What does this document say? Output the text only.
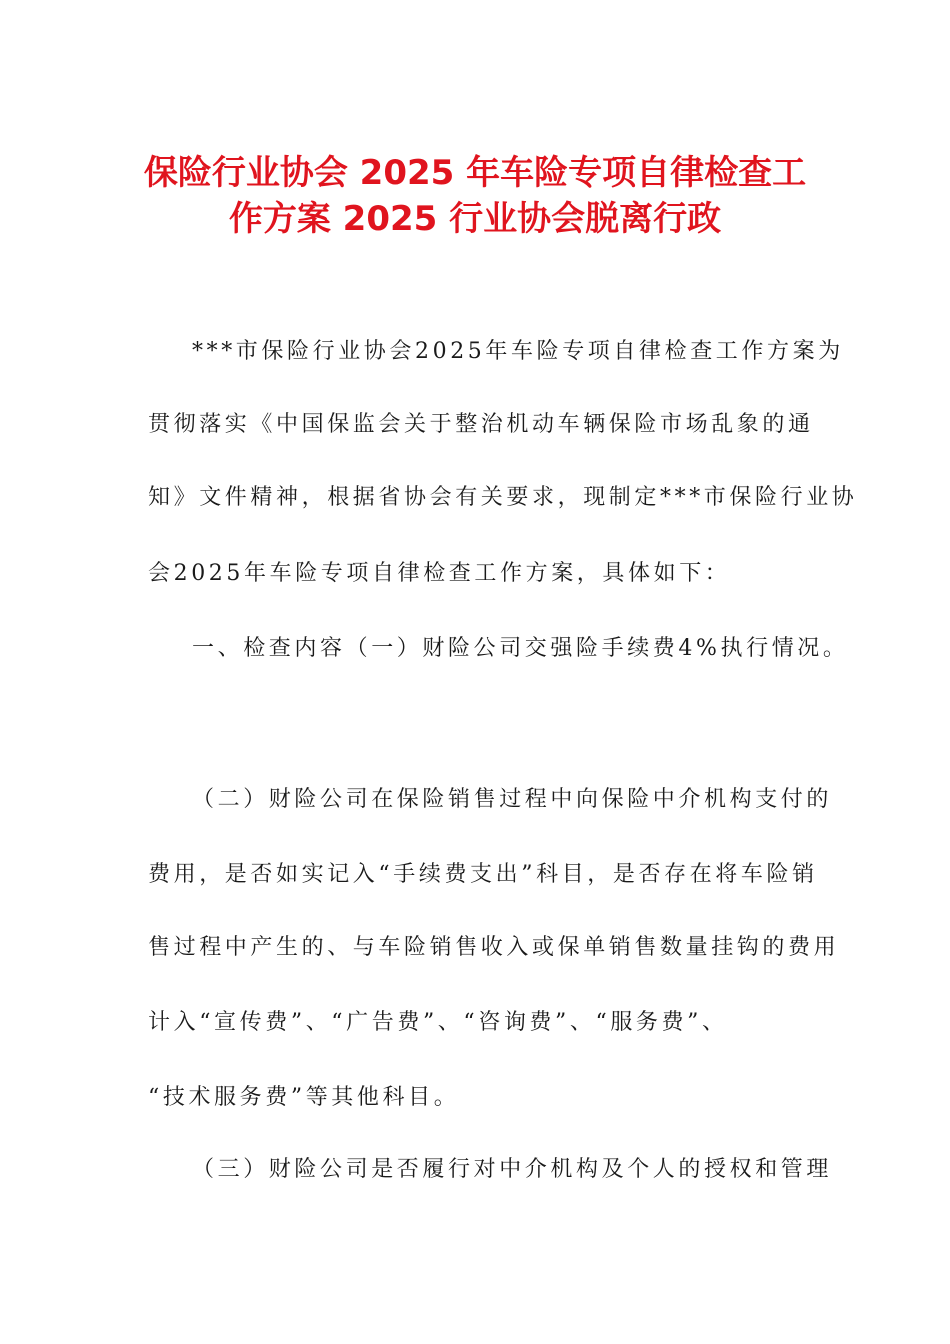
保险行业协会 2025 年车险专项自律检查工
作方案 2025 行业协会脱离行政
***市保险行业协会2025年车险专项自律检查工作方案为
贯彻落实《中国保监会关于整治机动车辆保险市场乱象的通
知》文件精神，根据省协会有关要求，现制定***市保险行业协
会2025年车险专项自律检查工作方案，具体如下：
一、检查内容（一）财险公司交强险手续费4%执行情况。
（二）财险公司在保险销售过程中向保险中介机构支付的
费用，是否如实记入“手续费支出”科目，是否存在将车险销
售过程中产生的、与车险销售收入或保单销售数量挂钩的费用
计入“宣传费”、“广告费”、“咨询费”、“服务费”、
“技术服务费”等其他科目。
（三）财险公司是否履行对中介机构及个人的授权和管理
